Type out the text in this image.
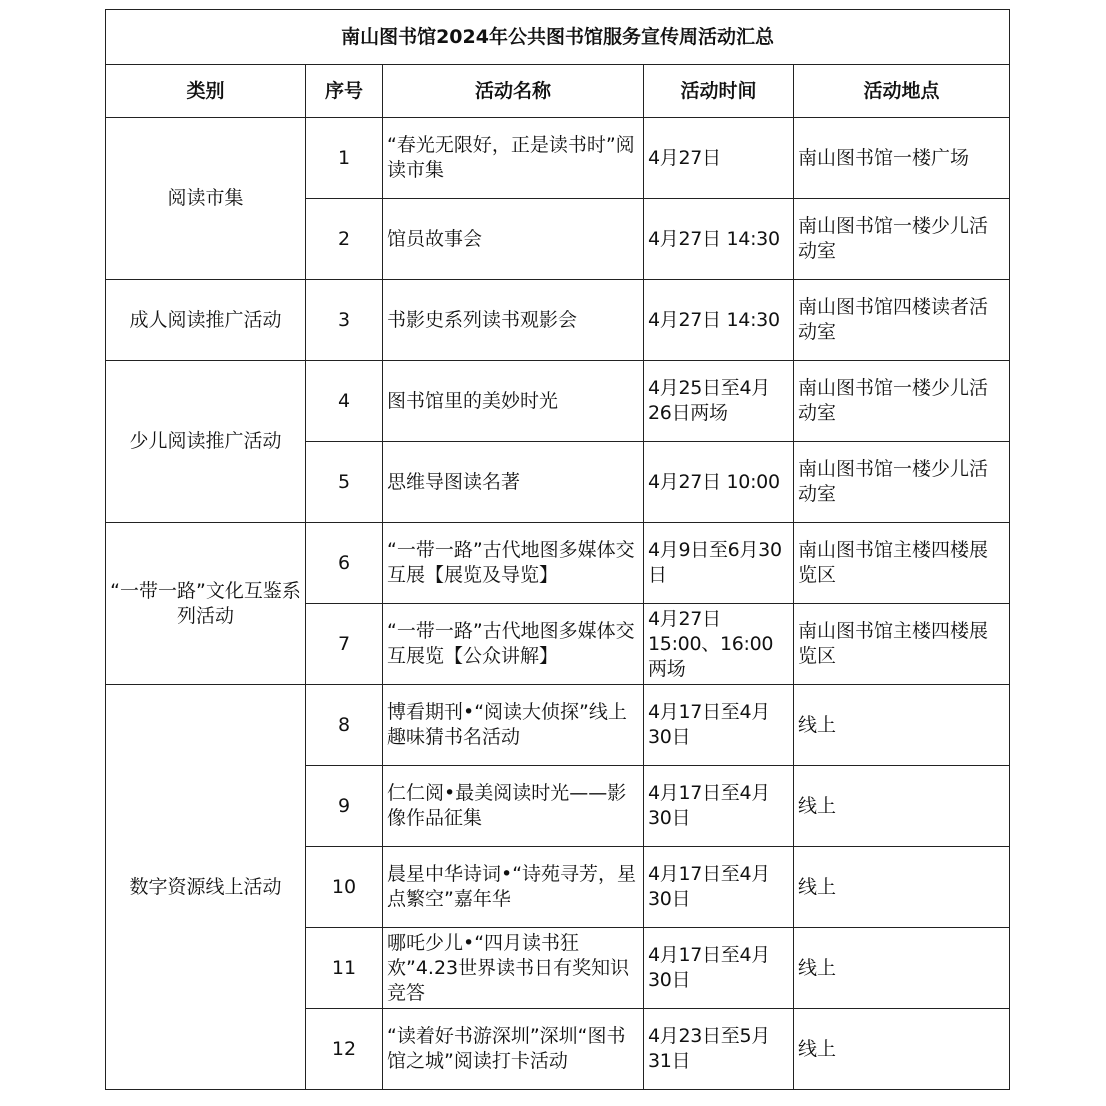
南山图书馆2024年公共图书馆服务宣传周活动汇总				
类别	序号	活动名称	活动时间	活动地点
阅读市集	1	“春光无限好，正是读书时”阅读市集	4月27日	南山图书馆一楼广场
	2	馆员故事会	4月27日 14:30	南山图书馆一楼少儿活动室
成人阅读推广活动	3	书影史系列读书观影会	4月27日 14:30	南山图书馆四楼读者活动室
少儿阅读推广活动	4	图书馆里的美妙时光	4月25日至4月26日两场	南山图书馆一楼少儿活动室
	5	思维导图读名著	4月27日 10:00	南山图书馆一楼少儿活动室
“一带一路”文化互鉴系列活动	6	“一带一路”古代地图多媒体交互展【展览及导览】	4月9日至6月30日	南山图书馆主楼四楼展览区
	7	“一带一路”古代地图多媒体交互展览【公众讲解】	4月27日 15:00、16:00两场	南山图书馆主楼四楼展览区
数字资源线上活动	8	博看期刊•“阅读大侦探”线上趣味猜书名活动	4月17日至4月30日	线上
	9	仁仁阅•最美阅读时光——影像作品征集	4月17日至4月30日	线上
	10	晨星中华诗词•“诗苑寻芳，星点繁空”嘉年华	4月17日至4月30日	线上
	11	哪吒少儿•“四月读书狂欢”4.23世界读书日有奖知识竞答	4月17日至4月30日	线上
	12	“读着好书游深圳”深圳“图书馆之城”阅读打卡活动	4月23日至5月31日	线上
